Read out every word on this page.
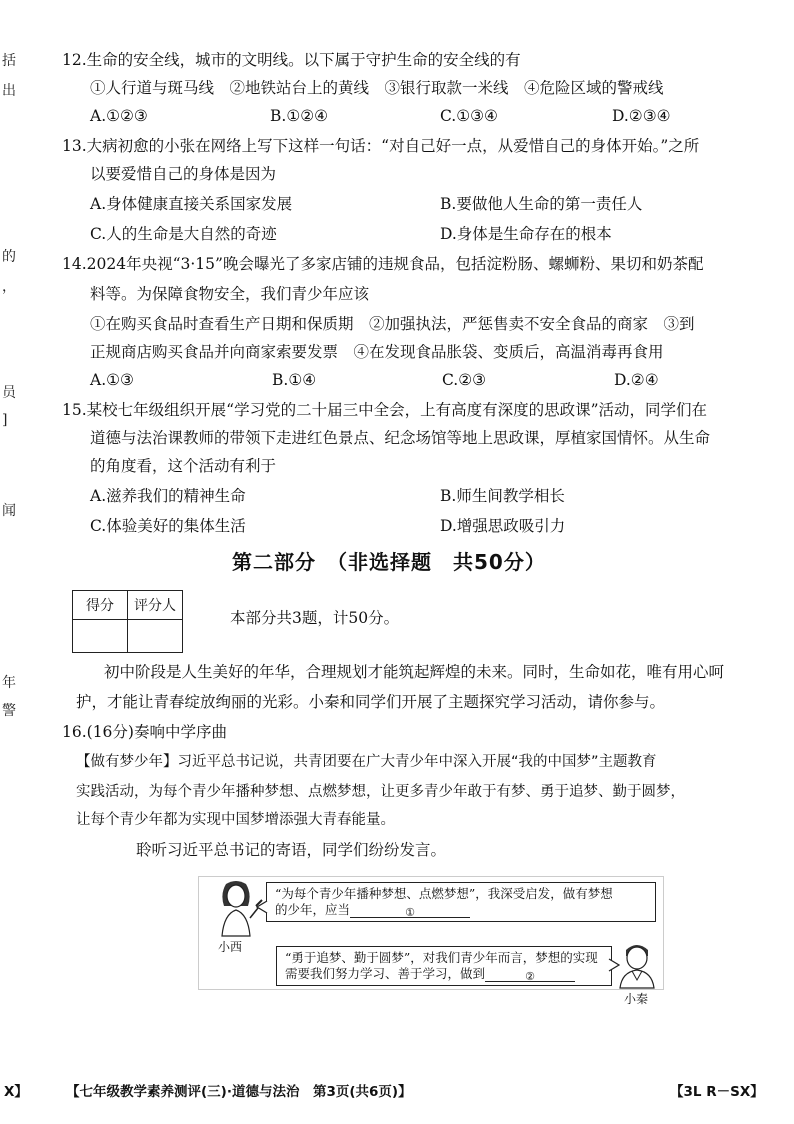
括
出
的
，
员
]
闻
年
警
12.生命的安全线，城市的文明线。以下属于守护生命的安全线的有
①人行道与斑马线　②地铁站台上的黄线　③银行取款一米线　④危险区域的警戒线
A.①②③	B.①②④	C.①③④	D.②③④
13.大病初愈的小张在网络上写下这样一句话：“对自己好一点，从爱惜自己的身体开始。”之所
以要爱惜自己的身体是因为
A.身体健康直接关系国家发展	B.要做他人生命的第一责任人
C.人的生命是大自然的奇迹	D.身体是生命存在的根本
14.2024年央视“3·15”晚会曝光了多家店铺的违规食品，包括淀粉肠、螺蛳粉、果切和奶茶配
料等。为保障食物安全，我们青少年应该
①在购买食品时查看生产日期和保质期　②加强执法，严惩售卖不安全食品的商家　③到
正规商店购买食品并向商家索要发票　④在发现食品胀袋、变质后，高温消毒再食用
A.①③	B.①④	C.②③	D.②④
15.某校七年级组织开展“学习党的二十届三中全会，上有高度有深度的思政课”活动，同学们在
道德与法治课教师的带领下走进红色景点、纪念场馆等地上思政课，厚植家国情怀。从生命
的角度看，这个活动有利于
A.滋养我们的精神生命	B.师生间教学相长
C.体验美好的集体生活	D.增强思政吸引力
第二部分　（非选择题　共50分）
得分	评分人

本部分共3题，计50分。
初中阶段是人生美好的年华，合理规划才能筑起辉煌的未来。同时，生命如花，唯有用心呵
护，才能让青春绽放绚丽的光彩。小秦和同学们开展了主题探究学习活动，请你参与。
16.(16分)奏响中学序曲
【做有梦少年】习近平总书记说，共青团要在广大青少年中深入开展“我的中国梦”主题教育
实践活动，为每个青少年播种梦想、点燃梦想，让更多青少年敢于有梦、勇于追梦、勤于圆梦，
让每个青少年都为实现中国梦增添强大青春能量。
聆听习近平总书记的寄语，同学们纷纷发言。
小西
“为每个青少年播种梦想、点燃梦想”，我深受启发，做有梦想
的少年，应当	①
“勇于追梦、勤于圆梦”，对我们青少年而言，梦想的实现
需要我们努力学习、善于学习，做到	②
小秦
X】	【七年级教学素养测评(三)·道德与法治　第3页(共6页)】	【3L R－SX】
